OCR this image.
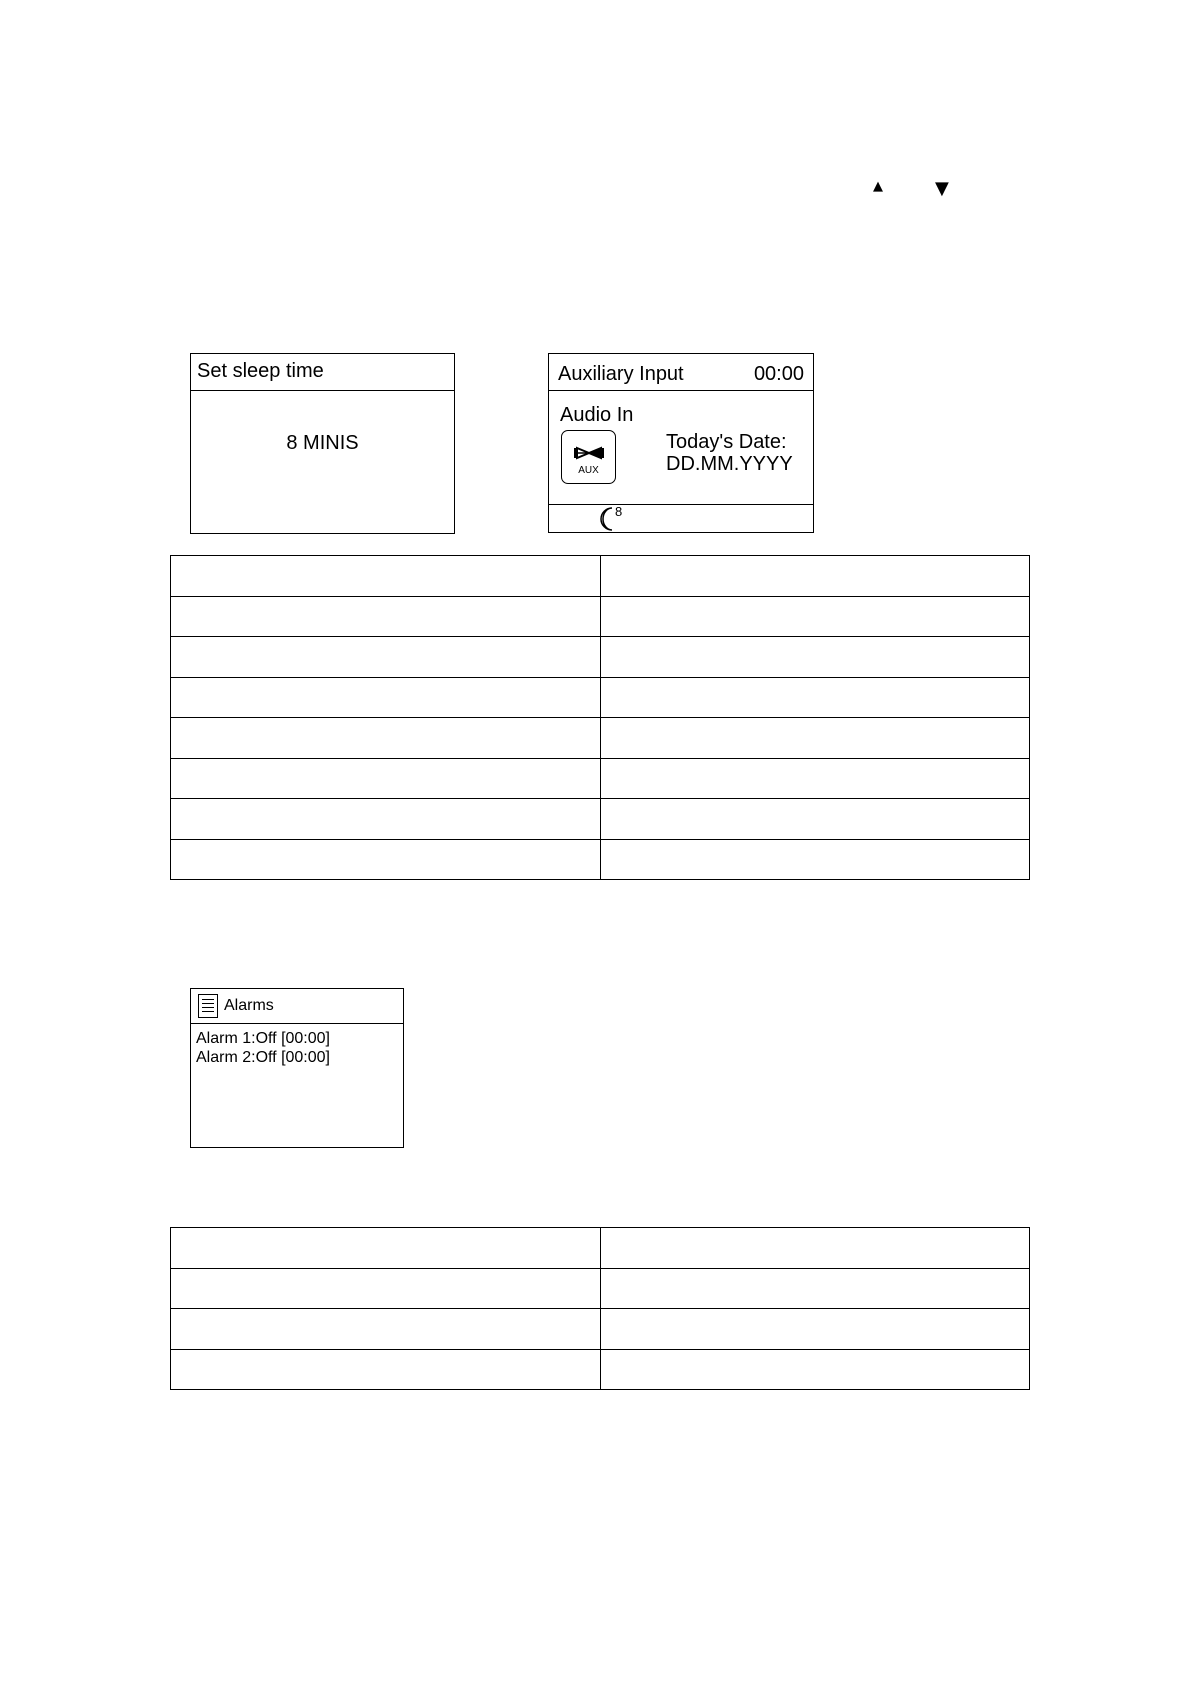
▲	▼
Set sleep time
8 MINIS
Auxiliary Input	00:00
Audio In
AUX
Today's Date:
DD.MM.YYYY
8

Alarms
Alarm 1:Off [00:00]
Alarm 2:Off [00:00]
